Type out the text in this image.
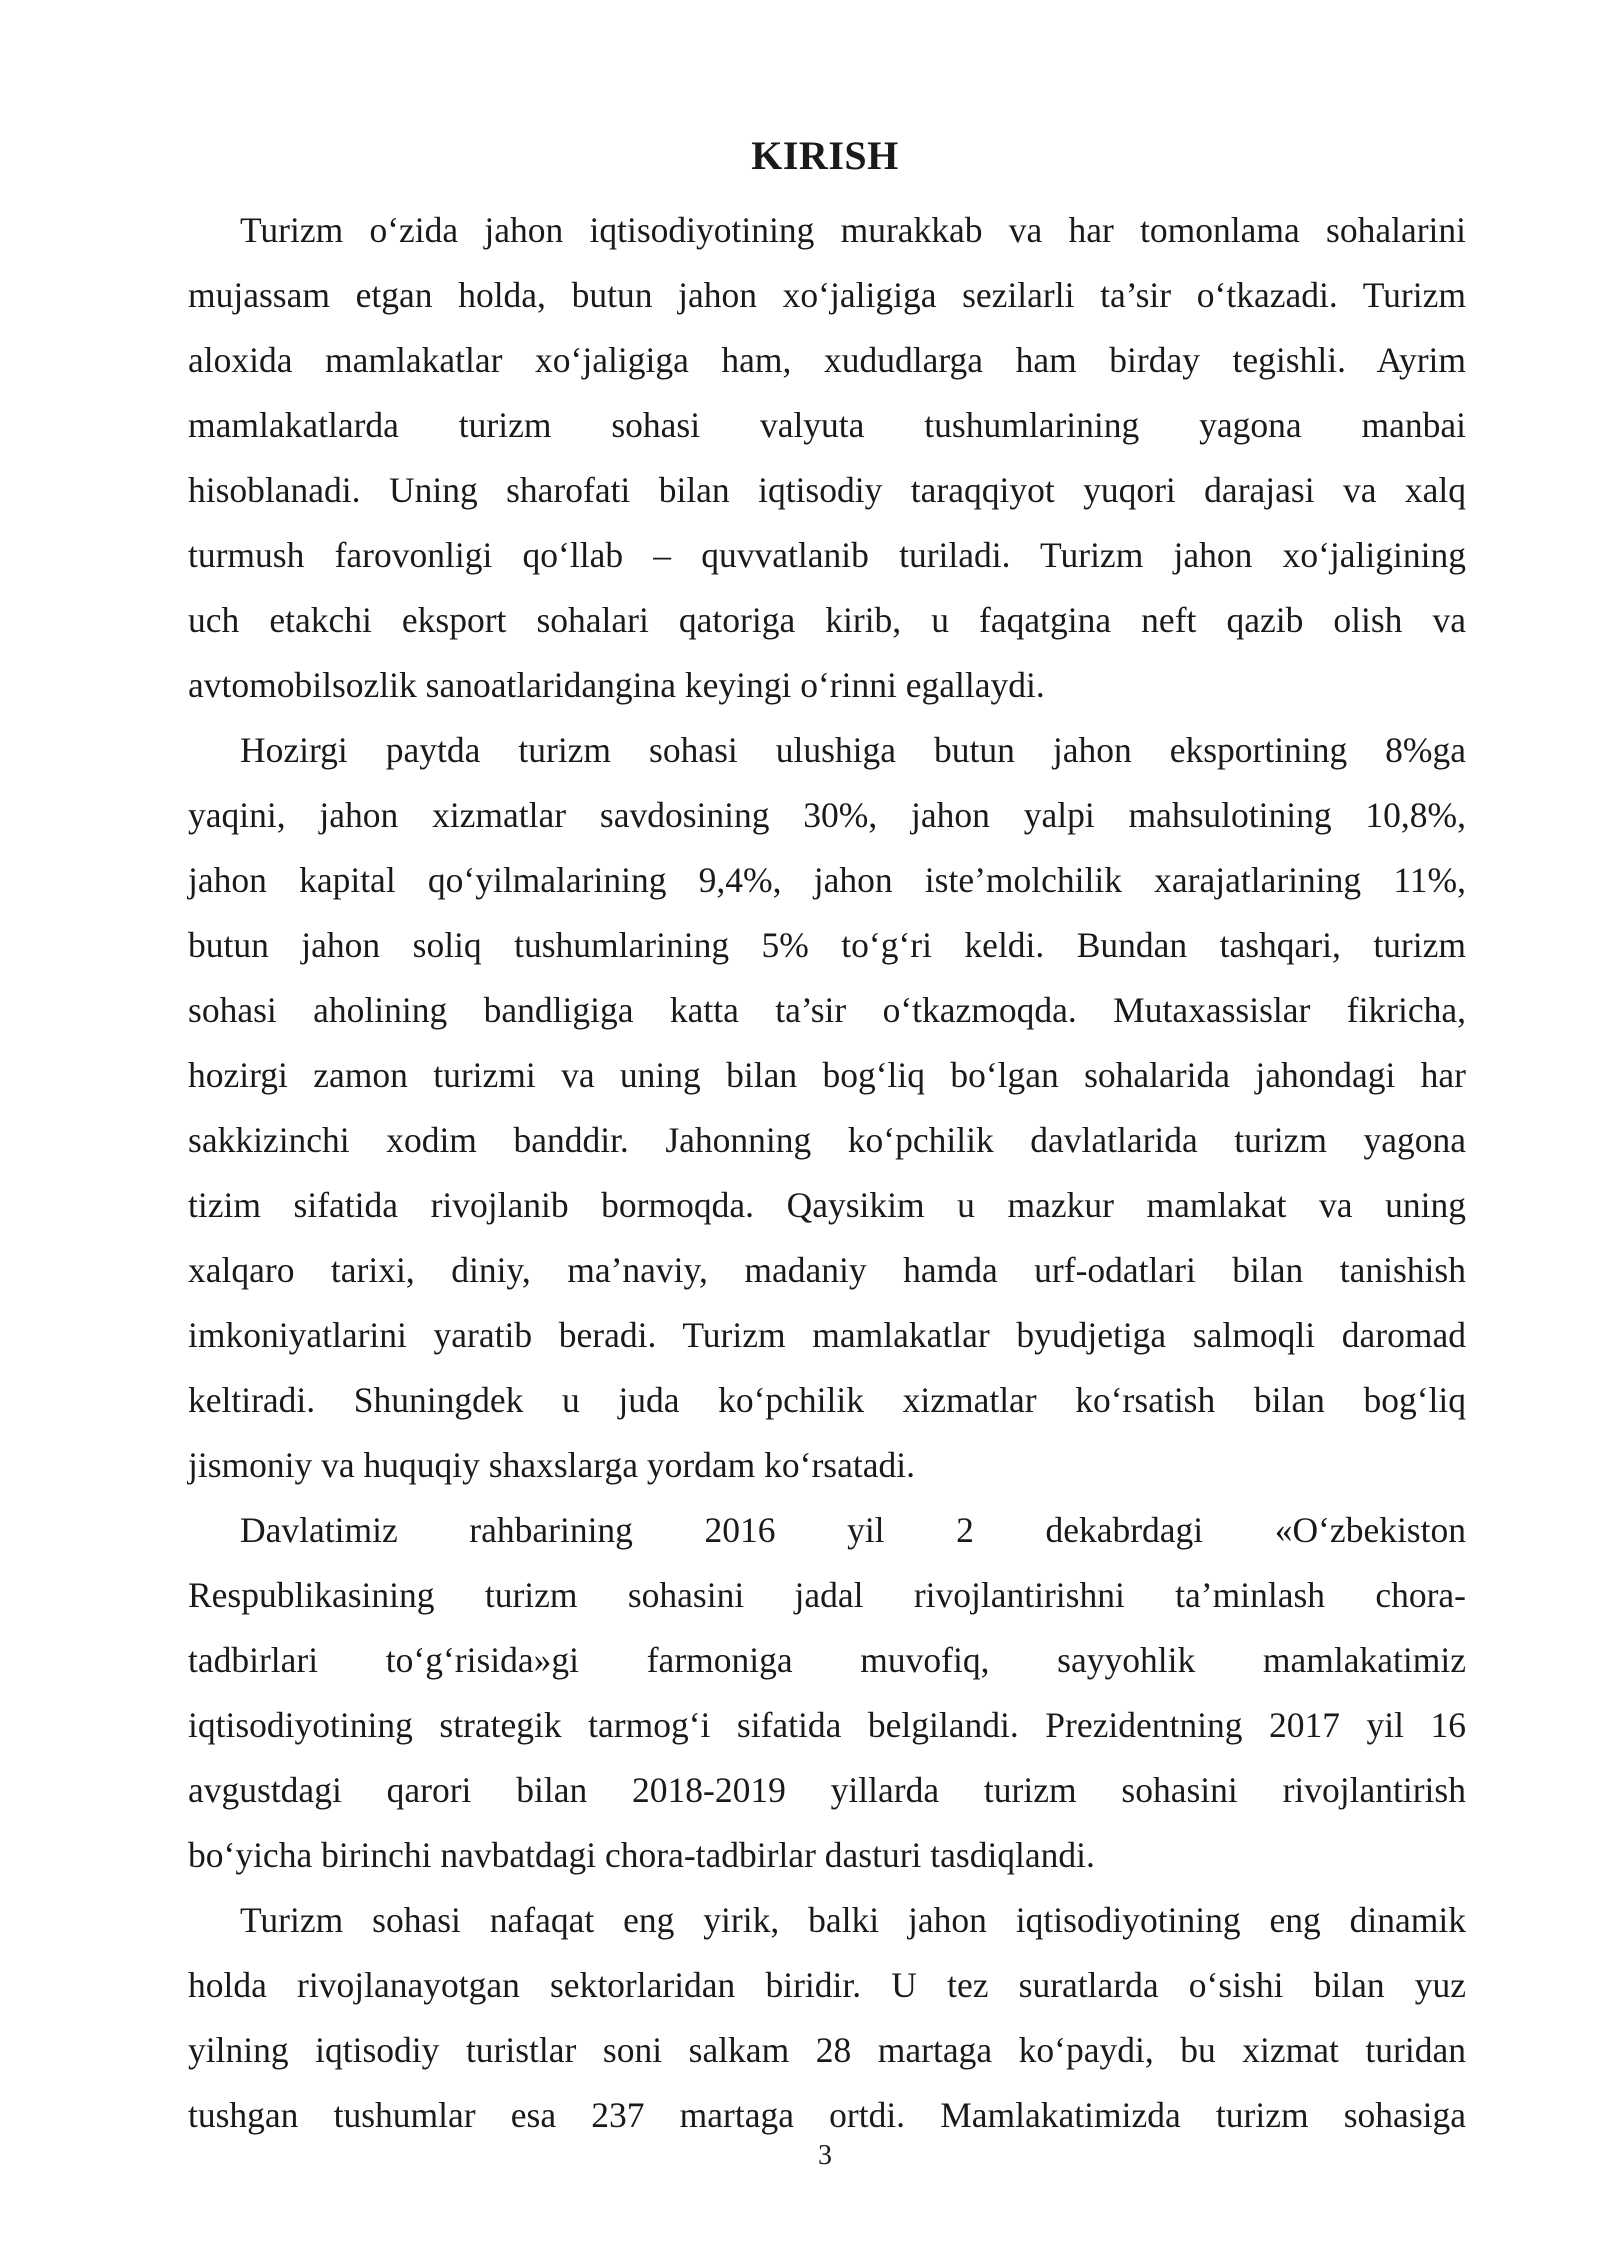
KIRISH
Turizm o‘zida jahon iqtisodiyotining murakkab va har tomonlama sohalarini
mujassam etgan holda, butun jahon xo‘jaligiga sezilarli ta’sir o‘tkazadi. Turizm
aloxida mamlakatlar xo‘jaligiga ham, xududlarga ham birday tegishli. Ayrim
mamlakatlarda turizm sohasi valyuta tushumlarining yagona manbai
hisoblanadi. Uning sharofati bilan iqtisodiy taraqqiyot yuqori darajasi va xalq
turmush farovonligi qo‘llab – quvvatlanib turiladi. Turizm jahon xo‘jaligining
uch etakchi eksport sohalari qatoriga kirib, u faqatgina neft qazib olish va
avtomobilsozlik sanoatlaridangina keyingi o‘rinni egallaydi.
Hozirgi paytda turizm sohasi ulushiga butun jahon eksportining 8%ga
yaqini, jahon xizmatlar savdosining 30%, jahon yalpi mahsulotining 10,8%,
jahon kapital qo‘yilmalarining 9,4%, jahon iste’molchilik xarajatlarining 11%,
butun jahon soliq tushumlarining 5% to‘g‘ri keldi. Bundan tashqari, turizm
sohasi aholining bandligiga katta ta’sir o‘tkazmoqda. Mutaxassislar fikricha,
hozirgi zamon turizmi va uning bilan bog‘liq bo‘lgan sohalarida jahondagi har
sakkizinchi xodim banddir. Jahonning ko‘pchilik davlatlarida turizm yagona
tizim sifatida rivojlanib bormoqda. Qaysikim u mazkur mamlakat va uning
xalqaro tarixi, diniy, ma’naviy, madaniy hamda urf-odatlari bilan tanishish
imkoniyatlarini yaratib beradi. Turizm mamlakatlar byudjetiga salmoqli daromad
keltiradi. Shuningdek u juda ko‘pchilik xizmatlar ko‘rsatish bilan bog‘liq
jismoniy va huquqiy shaxslarga yordam ko‘rsatadi.
Davlatimiz rahbarining 2016 yil 2 dekabrdagi «O‘zbekiston
Respublikasining turizm sohasini jadal rivojlantirishni ta’minlash chora-
tadbirlari to‘g‘risida»gi farmoniga muvofiq, sayyohlik mamlakatimiz
iqtisodiyotining strategik tarmog‘i sifatida belgilandi. Prezidentning 2017 yil 16
avgustdagi qarori bilan 2018-2019 yillarda turizm sohasini rivojlantirish
bo‘yicha birinchi navbatdagi chora-tadbirlar dasturi tasdiqlandi.
Turizm sohasi nafaqat eng yirik, balki jahon iqtisodiyotining eng dinamik
holda rivojlanayotgan sektorlaridan biridir. U tez suratlarda o‘sishi bilan yuz
yilning iqtisodiy turistlar soni salkam 28 martaga ko‘paydi, bu xizmat turidan
tushgan tushumlar esa 237 martaga ortdi. Mamlakatimizda turizm sohasiga
3
